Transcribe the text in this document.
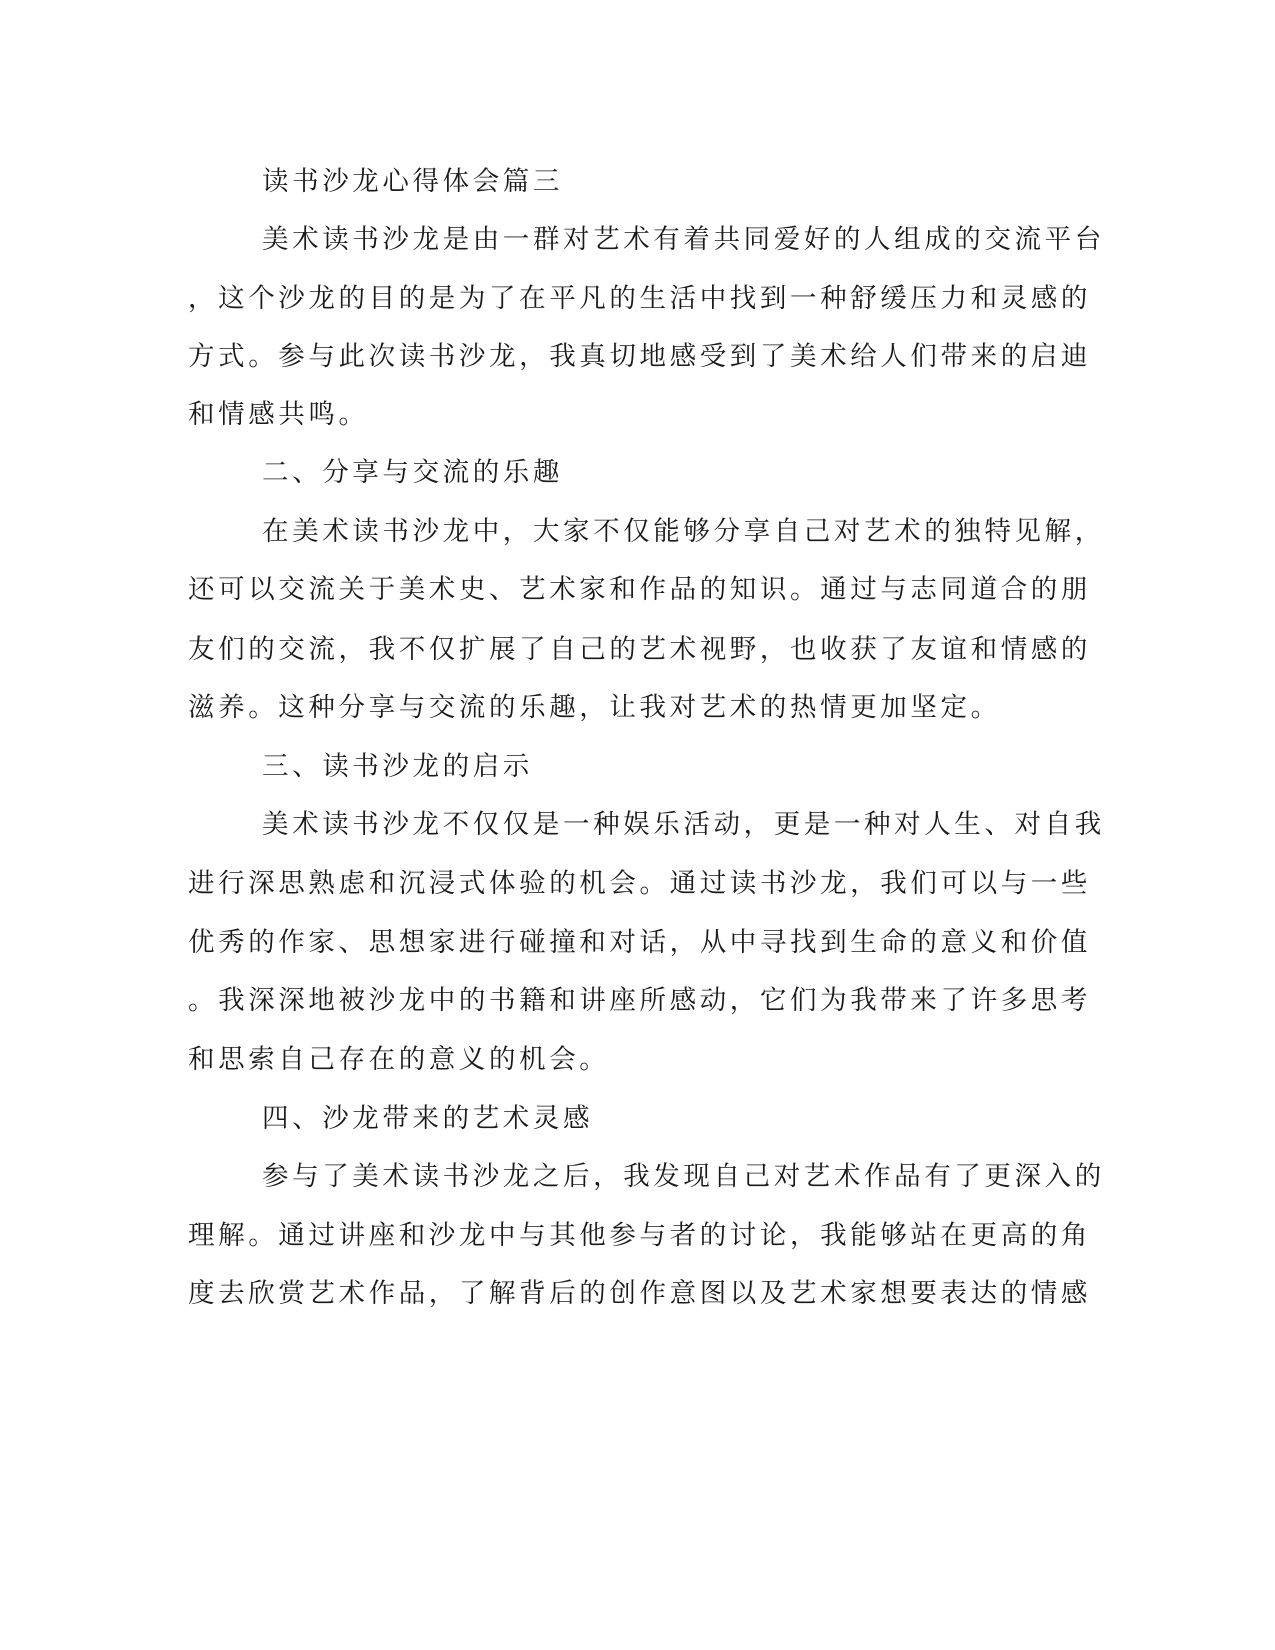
读书沙龙心得体会篇三

美术读书沙龙是由一群对艺术有着共同爱好的人组成的交流平台

，这个沙龙的目的是为了在平凡的生活中找到一种舒缓压力和灵感的

方式。参与此次读书沙龙，我真切地感受到了美术给人们带来的启迪

和情感共鸣。

二、分享与交流的乐趣

在美术读书沙龙中，大家不仅能够分享自己对艺术的独特见解，

还可以交流关于美术史、艺术家和作品的知识。通过与志同道合的朋

友们的交流，我不仅扩展了自己的艺术视野，也收获了友谊和情感的

滋养。这种分享与交流的乐趣，让我对艺术的热情更加坚定。

三、读书沙龙的启示

美术读书沙龙不仅仅是一种娱乐活动，更是一种对人生、对自我

进行深思熟虑和沉浸式体验的机会。通过读书沙龙，我们可以与一些

优秀的作家、思想家进行碰撞和对话，从中寻找到生命的意义和价值

。我深深地被沙龙中的书籍和讲座所感动，它们为我带来了许多思考

和思索自己存在的意义的机会。

四、沙龙带来的艺术灵感

参与了美术读书沙龙之后，我发现自己对艺术作品有了更深入的

理解。通过讲座和沙龙中与其他参与者的讨论，我能够站在更高的角

度去欣赏艺术作品，了解背后的创作意图以及艺术家想要表达的情感
